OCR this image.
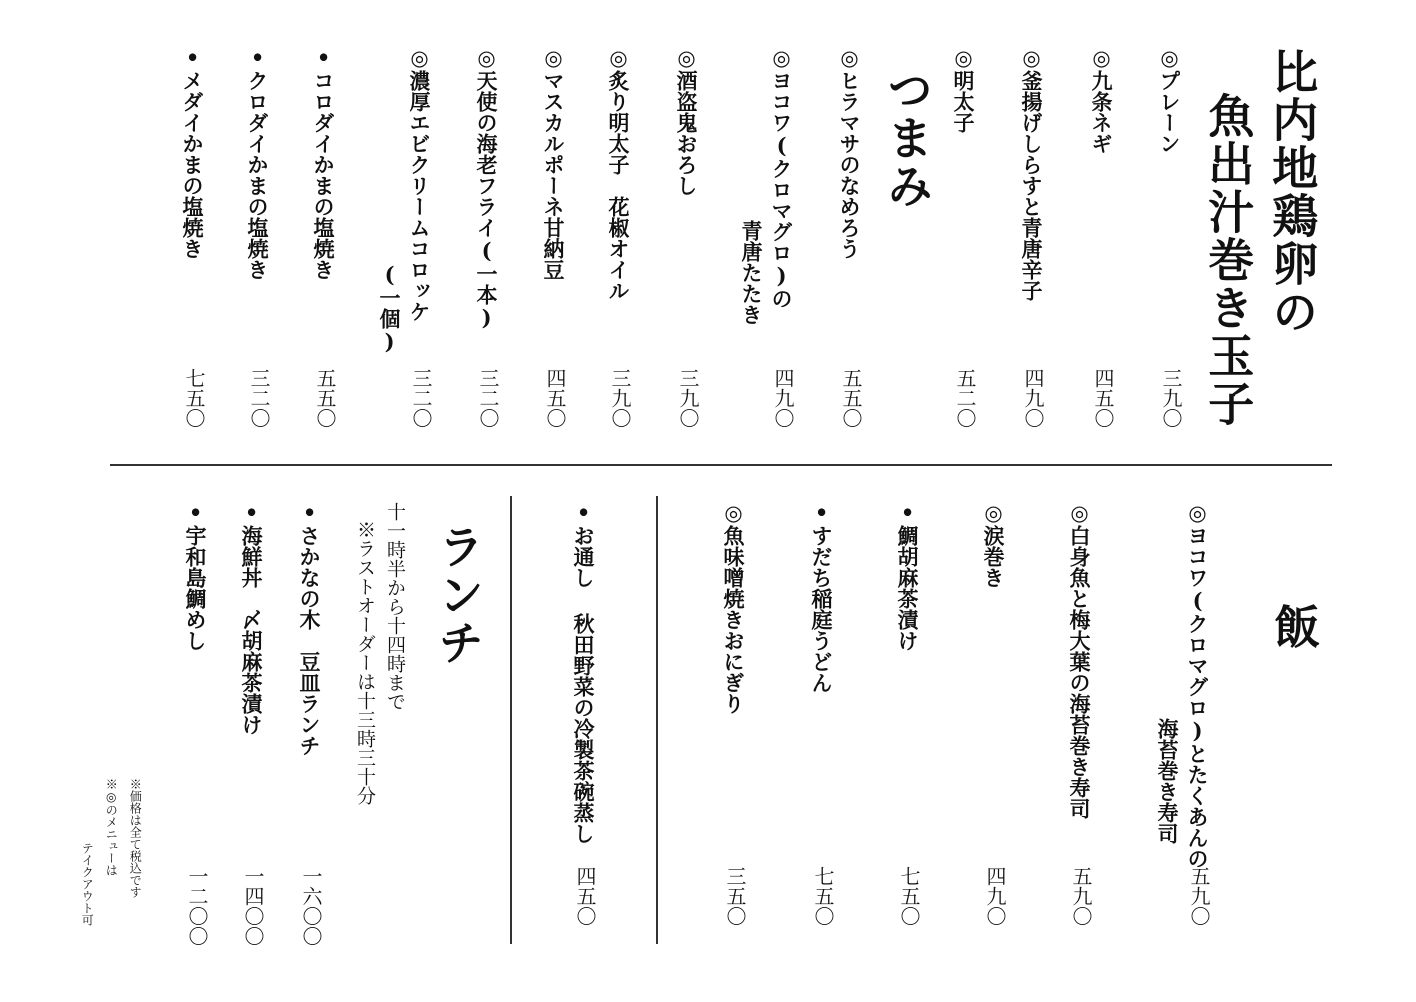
比内地鶏卵の
魚出汁巻き玉子
つまみ	◎プレーン
三九〇
◎九条ネギ
四五〇
◎釜揚げしらすと青唐辛子
四九〇
◎明太子
五二〇
◎ヒラマサのなめろう
五五〇
◎ヨコワ(クロマグロ)の
青唐たたき
四九〇
◎酒盗鬼おろし
三九〇
◎炙り明太子　花椒オイル
三九〇
◎マスカルポーネ甘納豆
四五〇
◎天使の海老フライ(一本)
三二〇
◎濃厚エビクリームコロッケ
(一個)
三二〇
•コロダイかまの塩焼き
五五〇
•クロダイかまの塩焼き
三二〇
•メダイかまの塩焼き
七五〇
飯
◎ヨコワ(クロマグロ)とたくあんの
海苔巻き寿司
五九〇
◎白身魚と梅大葉の海苔巻き寿司
五九〇
◎涙巻き
四九〇
•鯛胡麻茶漬け
七五〇
•すだち稲庭うどん
七五〇
◎魚味噌焼きおにぎり
三五〇
•お通し 秋田野菜の冷製茶碗蒸し
四五〇
ランチ
十一時半から十四時まで
※ラストオーダーは十三時三十分
•さかなの木　豆皿ランチ
一六〇〇
•海鮮丼　〆胡麻茶漬け
一四〇〇
•宇和島鯛めし
一二〇〇
※価格は全て税込です
※◎のメニューは
テイクアウト可
